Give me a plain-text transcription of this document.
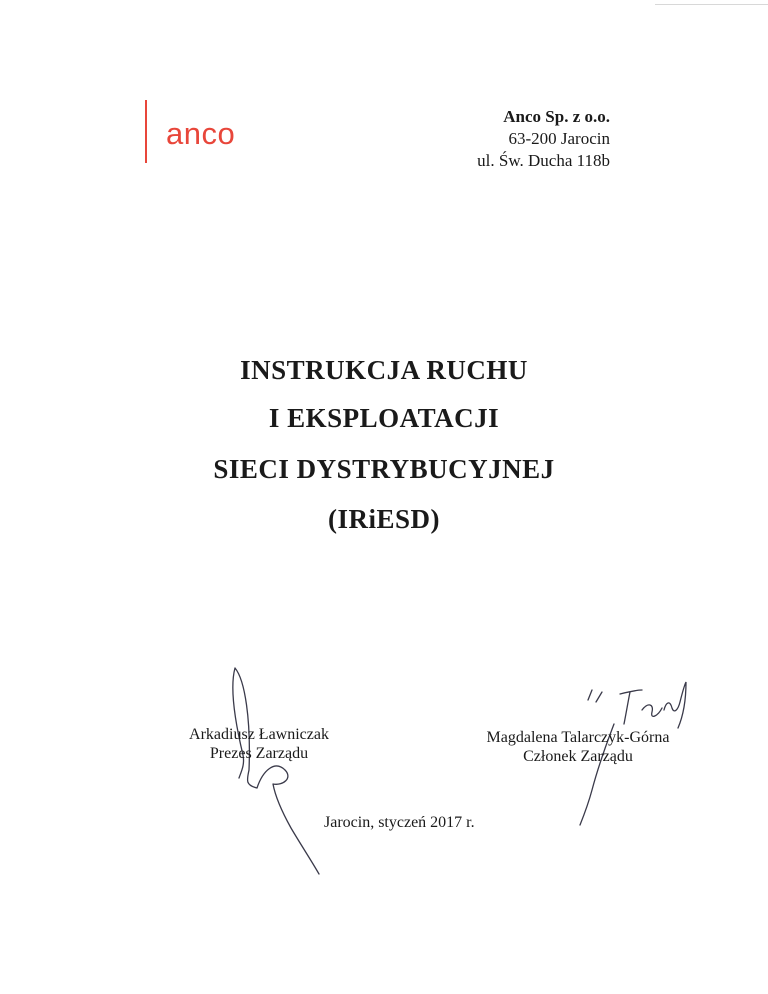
anco	Anco Sp. z o.o.
63-200 Jarocin
ul. Św. Ducha 118b

INSTRUKCJA RUCHU

I EKSPLOATACJI

SIECI DYSTRYBUCYJNEJ

(IRiESD)

Arkadiusz Ławniczak
Prezes Zarządu
Magdalena Talarczyk-Górna
Członek Zarządu
Jarocin, styczeń 2017 r.
